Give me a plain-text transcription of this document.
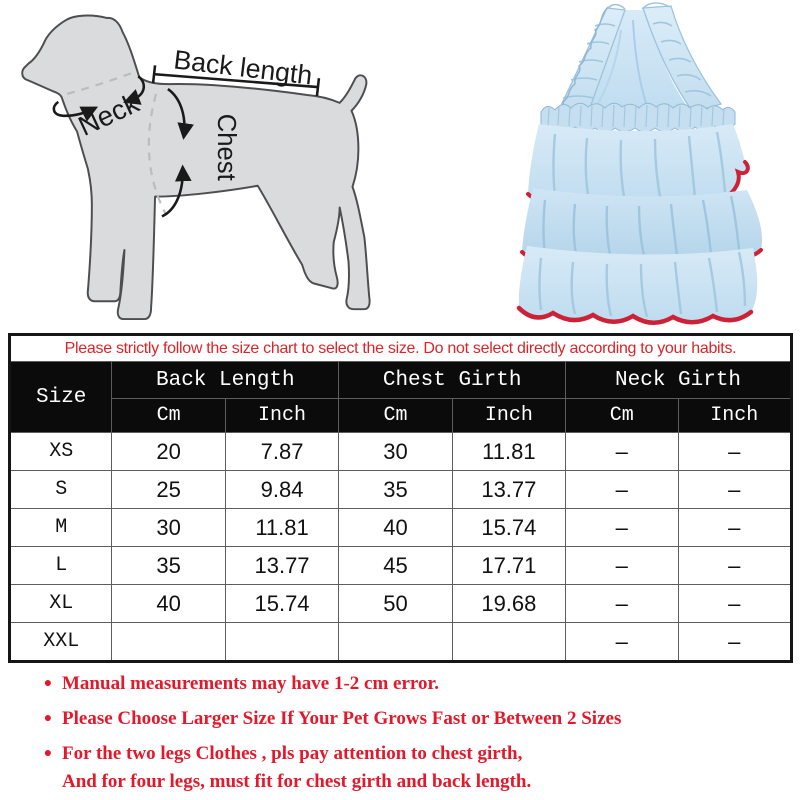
Back length
Neck	Chest
Please strictly follow the size chart to select the size. Do not select directly according to your habits.						
Size	Back Length		Chest Girth		Neck Girth	
	Cm	Inch	Cm	Inch	Cm	Inch
XS	20	7.87	30	11.81	–	–
S	25	9.84	35	13.77	–	–
M	30	11.81	40	15.74	–	–
L	35	13.77	45	17.71	–	–
XL	40	15.74	50	19.68	–	–
XXL					–	–
● Manual measurements may have 1-2 cm error.
● Please Choose Larger Size If Your Pet Grows Fast or Between 2 Sizes
● For the two legs Clothes , pls pay attention to chest girth,
And for four legs, must fit for chest girth and back length.
